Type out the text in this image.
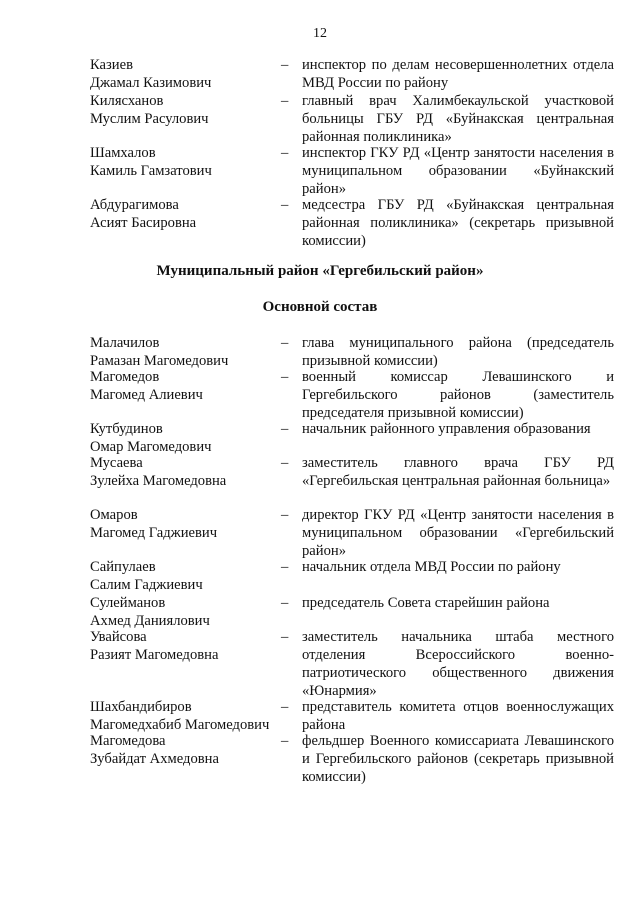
12
Казиев
Джамал Казимович
– инспектор по делам несовершеннолетних отдела МВД России по району
Килясханов
Муслим Расулович
– главный врач Халимбекаульской участковой больницы ГБУ РД «Буйнакская центральная районная поликлиника»
Шамхалов
Камиль Гамзатович
– инспектор ГКУ РД «Центр занятости населения в муниципальном образовании «Буйнакский район»
Абдурагимова
Асият Басировна
– медсестра ГБУ РД «Буйнакская центральная районная поликлиника» (секретарь призывной комиссии)
Муниципальный район «Гергебильский район»
Основной состав
Малачилов
Рамазан Магомедович
– глава муниципального района (председатель призывной комиссии)
Магомедов
Магомед Алиевич
– военный комиссар Левашинского и Гергебильского районов (заместитель председателя призывной комиссии)
Кутбудинов
Омар Магомедович
– начальник районного управления образования
Мусаева
Зулейха Магомедовна
– заместитель главного врача ГБУ РД «Гергебильская центральная районная больница»
Омаров
Магомед Гаджиевич
– директор ГКУ РД «Центр занятости населения в муниципальном образовании «Гергебильский район»
Сайпулаев
Салим Гаджиевич
– начальник отдела МВД России по району
Сулейманов
Ахмед Даниялович
– председатель Совета старейшин района
Увайсова
Разият Магомедовна
– заместитель начальника штаба местного отделения Всероссийского военно-патриотического общественного движения «Юнармия»
Шахбандибиров
Магомедхабиб Магомедович
– представитель комитета отцов военнослужащих района
Магомедова
Зубайдат Ахмедовна
– фельдшер Военного комиссариата Левашинского и Гергебильского районов (секретарь призывной комиссии)
